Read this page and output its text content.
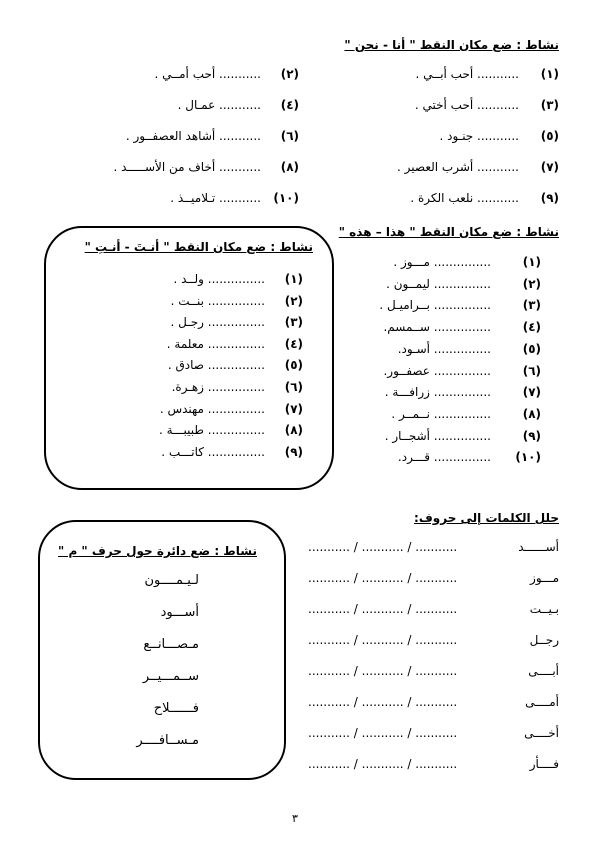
نشاط : ضع مكان النقط " أنا - نحن "
(١)
........... أحب أبــي .
(٢)
........... أحب أمــي .
(٣)
........... أحب أختي .
(٤)
........... عمـال .
(٥)
........... جنـود .
(٦)
........... أشاهد العصفــور .
(٧)
........... أشرب العصير .
(٨)
........... أخاف من الأســـــد .
(٩)
........... نلعب الكرة .
(١٠)
........... تـلاميــذ .
نشاط : ضع مكان النقط " هذا – هذه "
(١)
............... مـــوز .
(٢)
............... ليمــون .
(٣)
............... بــراميـل .
(٤)
............... ســمسم.
(٥)
............... أسـود.
(٦)
............... عصفــور.
(٧)
............... زرافـــة .
(٨)
............... نــمــر .
(٩)
............... أشجــار .
(١٠)
............... قـــرد.
نشاط : ضع مكان النقط " أنـتَ - أنـتِ "
(١)
............... ولــد .
(٢)
............... بنــت .
(٣)
............... رجـل .
(٤)
............... معلمة .
(٥)
............... صادق .
(٦)
............... زهـرة.
(٧)
............... مهندس .
(٨)
............... طبيبـــة .
(٩)
............... كاتـــب .
حلل الكلمات إلى حروف:
أســــــد
........... / ........... / ...........
مـــوز
........... / ........... / ...........
بـيــت
........... / ........... / ...........
رجــل
........... / ........... / ...........
أبــــى
........... / ........... / ...........
أمــــى
........... / ........... / ...........
أخــــى
........... / ........... / ...........
فــــأر
........... / ........... / ...........
نشاط : ضع دائرة حول حرف " م "
لـيـمــــون
أســـود
مـصـــانــع
ســمـــيــر
فــــــلاح
مـســافــــر
٣
